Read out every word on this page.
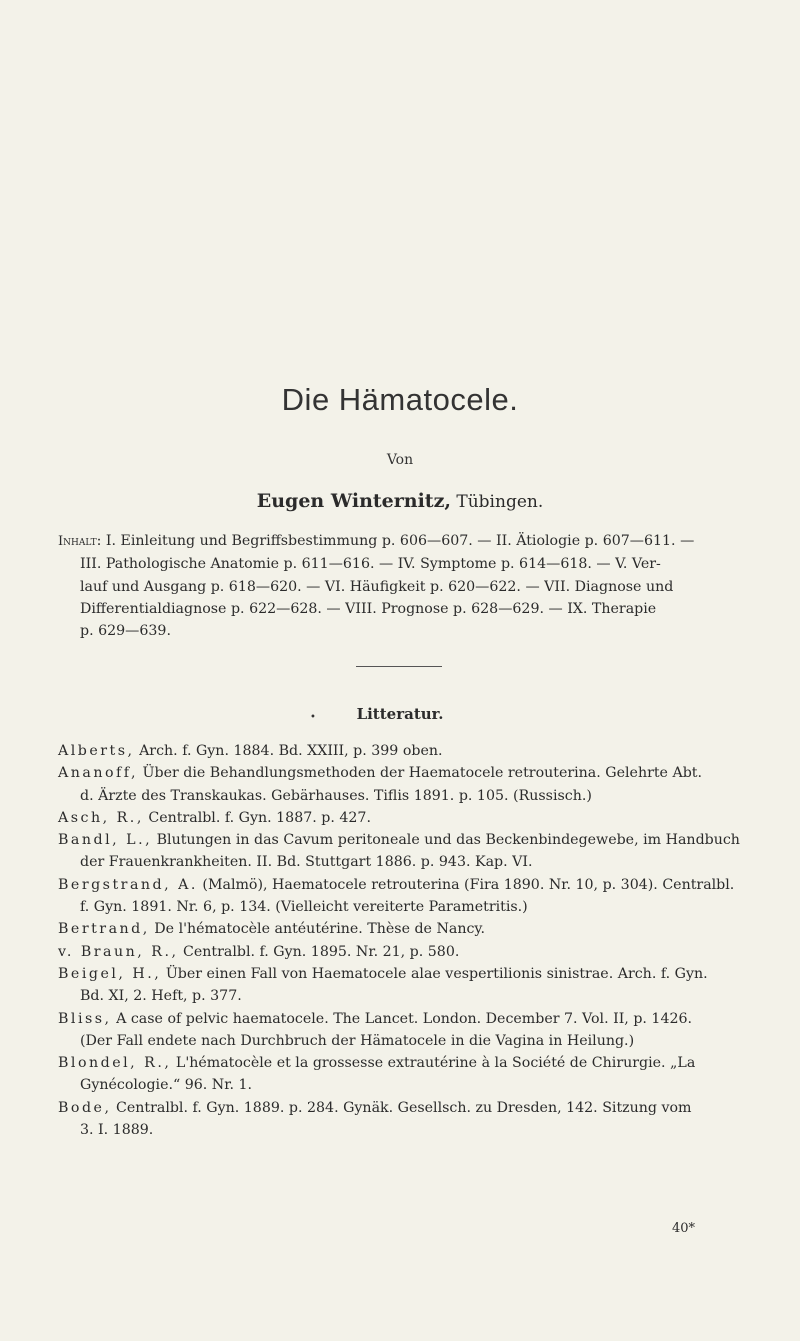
Die Hämatocele.
Von
Eugen Winternitz, Tübingen.
Inhalt: I. Einleitung und Begriffsbestimmung p. 606—607. — II. Ätiologie p. 607—611. —
III. Pathologische Anatomie p. 611—616. — IV. Symptome p. 614—618. — V. Ver-
lauf und Ausgang p. 618—620. — VI. Häufigkeit p. 620—622. — VII. Diagnose und
Differentialdiagnose p. 622—628. — VIII. Prognose p. 628—629. — IX. Therapie
p. 629—639.
•	Litteratur.
Alberts, Arch. f. Gyn. 1884. Bd. XXIII, p. 399 oben.
Ananoff, Über die Behandlungsmethoden der Haematocele retrouterina. Gelehrte Abt.
d. Ärzte des Transkaukas. Gebärhauses. Tiflis 1891. p. 105. (Russisch.)
Asch, R., Centralbl. f. Gyn. 1887. p. 427.
Bandl, L., Blutungen in das Cavum peritoneale und das Beckenbindegewebe, im Handbuch
der Frauenkrankheiten. II. Bd. Stuttgart 1886. p. 943. Kap. VI.
Bergstrand, A. (Malmö), Haematocele retrouterina (Fira 1890. Nr. 10, p. 304). Centralbl.
f. Gyn. 1891. Nr. 6, p. 134. (Vielleicht vereiterte Parametritis.)
Bertrand, De l'hématocèle antéutérine. Thèse de Nancy.
v. Braun, R., Centralbl. f. Gyn. 1895. Nr. 21, p. 580.
Beigel, H., Über einen Fall von Haematocele alae vespertilionis sinistrae. Arch. f. Gyn.
Bd. XI, 2. Heft, p. 377.
Bliss, A case of pelvic haematocele. The Lancet. London. December 7. Vol. II, p. 1426.
(Der Fall endete nach Durchbruch der Hämatocele in die Vagina in Heilung.)
Blondel, R., L'hématocèle et la grossesse extrautérine à la Société de Chirurgie. „La
Gynécologie.“ 96. Nr. 1.
Bode, Centralbl. f. Gyn. 1889. p. 284. Gynäk. Gesellsch. zu Dresden, 142. Sitzung vom
3. I. 1889.
40*
